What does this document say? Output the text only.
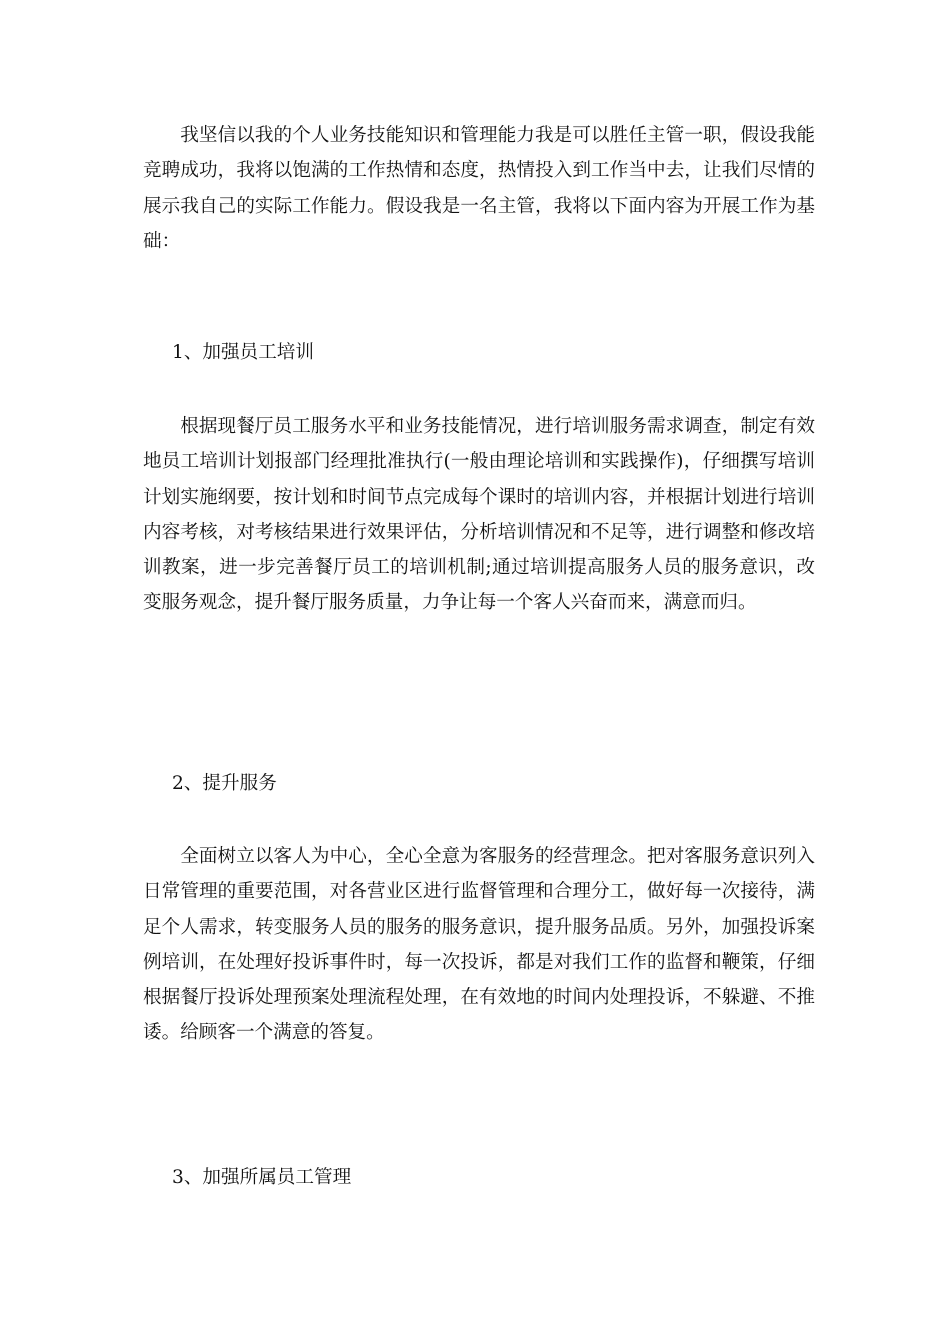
我坚信以我的个人业务技能知识和管理能力我是可以胜任主管一职，假设我能竞聘成功，我将以饱满的工作热情和态度，热情投入到工作当中去，让我们尽情的展示我自己的实际工作能力。假设我是一名主管，我将以下面内容为开展工作为基础：

1、加强员工培训

根据现餐厅员工服务水平和业务技能情况，进行培训服务需求调查，制定有效地员工培训计划报部门经理批准执行(一般由理论培训和实践操作)，仔细撰写培训计划实施纲要，按计划和时间节点完成每个课时的培训内容，并根据计划进行培训内容考核，对考核结果进行效果评估，分析培训情况和不足等，进行调整和修改培训教案，进一步完善餐厅员工的培训机制;通过培训提高服务人员的服务意识，改变服务观念，提升餐厅服务质量，力争让每一个客人兴奋而来，满意而归。

2、提升服务

全面树立以客人为中心，全心全意为客服务的经营理念。把对客服务意识列入日常管理的重要范围，对各营业区进行监督管理和合理分工，做好每一次接待，满足个人需求，转变服务人员的服务的服务意识，提升服务品质。另外，加强投诉案例培训，在处理好投诉事件时，每一次投诉，都是对我们工作的监督和鞭策，仔细根据餐厅投诉处理预案处理流程处理，在有效地的时间内处理投诉，不躲避、不推诿。给顾客一个满意的答复。

3、加强所属员工管理
